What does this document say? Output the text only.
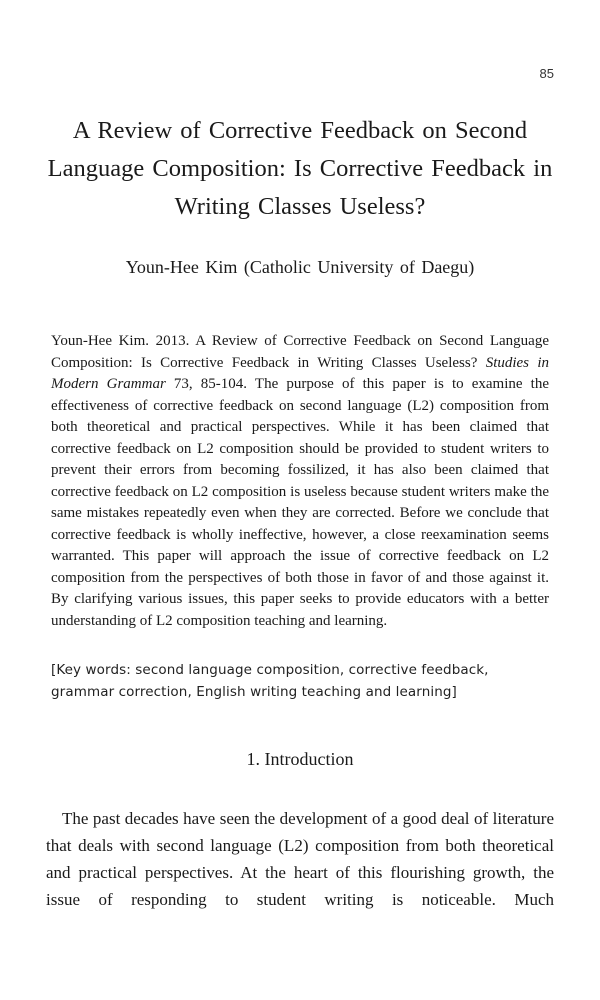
85
A Review of Corrective Feedback on Second Language Composition: Is Corrective Feedback in Writing Classes Useless?
Youn-Hee Kim (Catholic University of Daegu)

Youn-Hee Kim. 2013. A Review of Corrective Feedback on Second Language Composition: Is Corrective Feedback in Writing Classes Useless? Studies in Modern Grammar 73, 85-104. The purpose of this paper is to examine the effectiveness of corrective feedback on second language (L2) composition from both theoretical and practical perspectives. While it has been claimed that corrective feedback on L2 composition should be provided to student writers to prevent their errors from becoming fossilized, it has also been claimed that corrective feedback on L2 composition is useless because student writers make the same mistakes repeatedly even when they are corrected. Before we conclude that corrective feedback is wholly ineffective, however, a close reexamination seems warranted. This paper will approach the issue of corrective feedback on L2 composition from the perspectives of both those in favor of and those against it. By clarifying various issues, this paper seeks to provide educators with a better understanding of L2 composition teaching and learning.

[Key words: second language composition, corrective feedback, grammar correction, English writing teaching and learning]

1. Introduction

The past decades have seen the development of a good deal of literature that deals with second language (L2) composition from both theoretical and practical perspectives. At the heart of this flourishing growth, the issue of responding to student writing is noticeable. Much
